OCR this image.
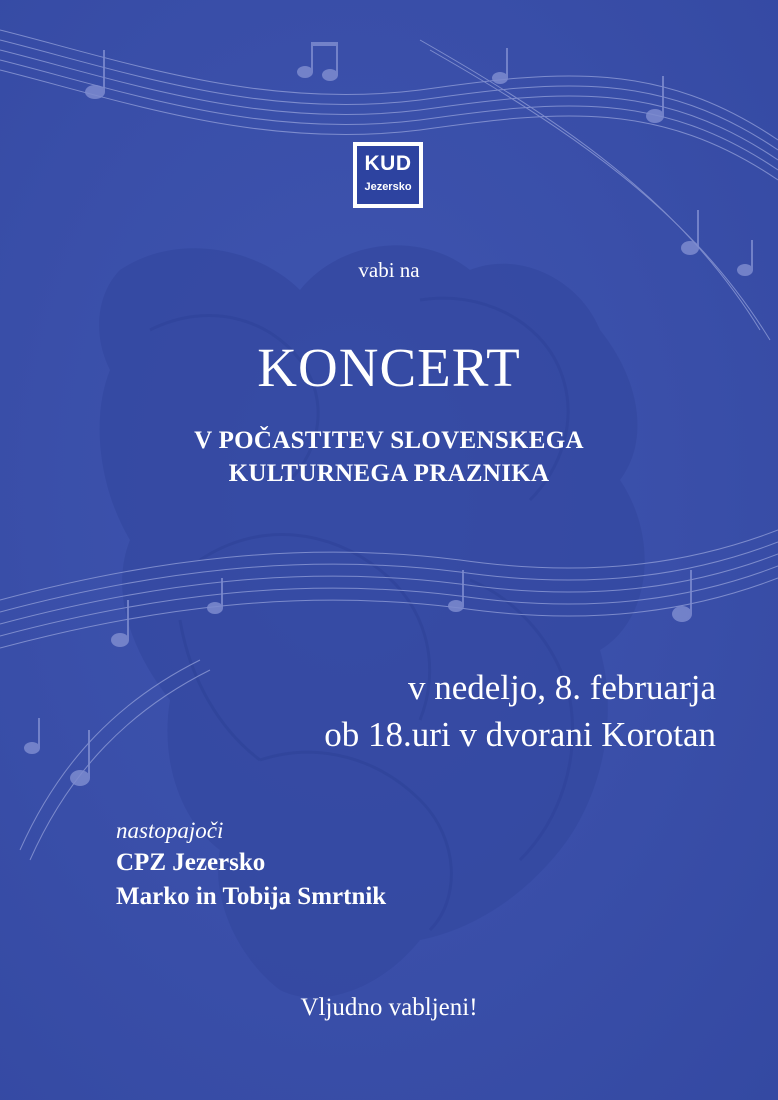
KUD
Jezersko
vabi na
KONCERT
V POČASTITEV SLOVENSKEGA
KULTURNEGA PRAZNIKA
v nedeljo, 8. februarja
ob 18.uri v dvorani Korotan
nastopajoči
CPZ Jezersko
Marko in Tobija Smrtnik
Vljudno vabljeni!
